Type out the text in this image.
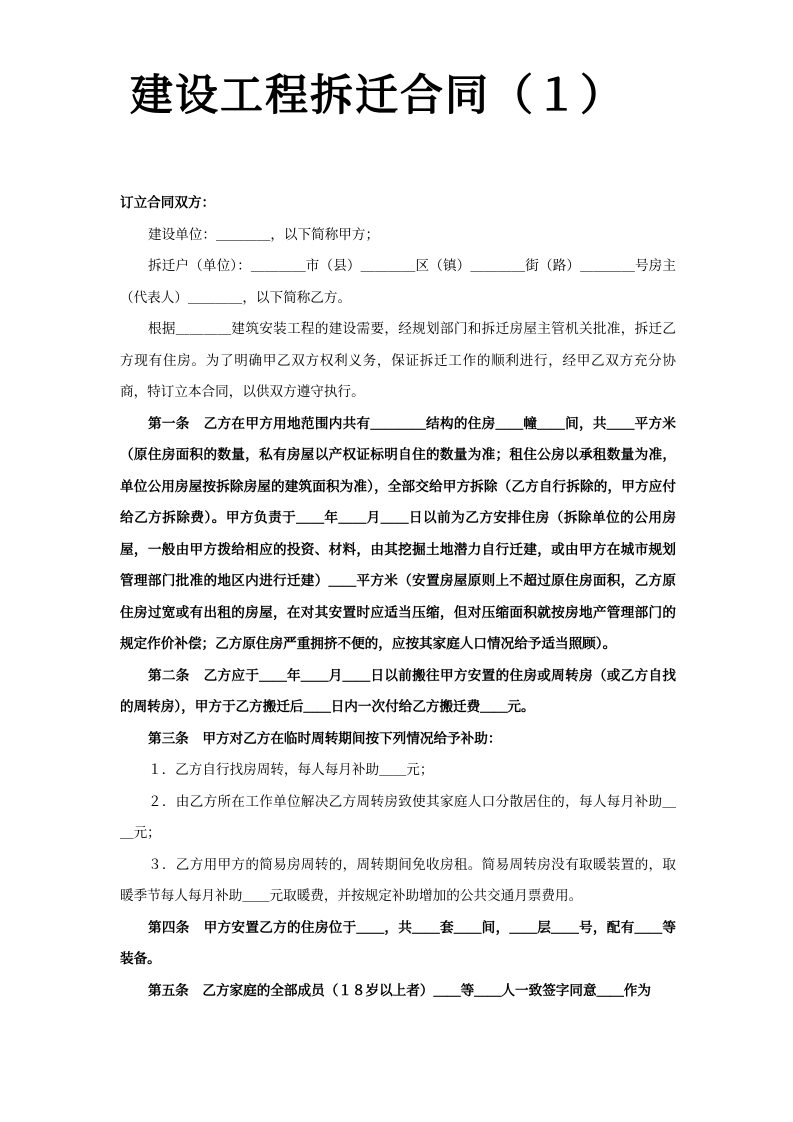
建设工程拆迁合同（１）

订立合同双方：

建设单位：＿＿＿＿，以下简称甲方；

拆迁户（单位）：＿＿＿＿市（县）＿＿＿＿区（镇）＿＿＿＿街（路）＿＿＿＿号房主（代表人）＿＿＿＿，以下简称乙方。

根据＿＿＿＿建筑安装工程的建设需要，经规划部门和拆迁房屋主管机关批准，拆迁乙方现有住房。为了明确甲乙双方权利义务，保证拆迁工作的顺利进行，经甲乙双方充分协商，特订立本合同，以供双方遵守执行。

第一条　乙方在甲方用地范围内共有＿＿＿＿结构的住房＿＿幢＿＿间，共＿＿平方米（原住房面积的数量，私有房屋以产权证标明自住的数量为准；租住公房以承租数量为准，单位公用房屋按拆除房屋的建筑面积为准），全部交给甲方拆除（乙方自行拆除的，甲方应付给乙方拆除费）。甲方负责于＿＿年＿＿月＿＿日以前为乙方安排住房（拆除单位的公用房屋，一般由甲方拨给相应的投资、材料，由其挖掘土地潜力自行迁建，或由甲方在城市规划管理部门批准的地区内进行迁建）＿＿平方米（安置房屋原则上不超过原住房面积，乙方原住房过宽或有出租的房屋，在对其安置时应适当压缩，但对压缩面积就按房地产管理部门的规定作价补偿；乙方原住房严重拥挤不便的，应按其家庭人口情况给予适当照顾）。

第二条　乙方应于＿＿年＿＿月＿＿日以前搬往甲方安置的住房或周转房（或乙方自找的周转房），甲方于乙方搬迁后＿＿日内一次付给乙方搬迁费＿＿元。

第三条　甲方对乙方在临时周转期间按下列情况给予补助：

１．乙方自行找房周转，每人每月补助＿＿元；

２．由乙方所在工作单位解决乙方周转房致使其家庭人口分散居住的，每人每月补助＿＿元；

３．乙方用甲方的简易房周转的，周转期间免收房租。简易周转房没有取暖装置的，取暖季节每人每月补助＿＿元取暖费，并按规定补助增加的公共交通月票费用。

第四条　甲方安置乙方的住房位于＿＿，共＿＿套＿＿间，＿＿层＿＿号，配有＿＿等装备。

第五条　乙方家庭的全部成员（１８岁以上者）＿＿等＿＿人一致签字同意＿＿作为
